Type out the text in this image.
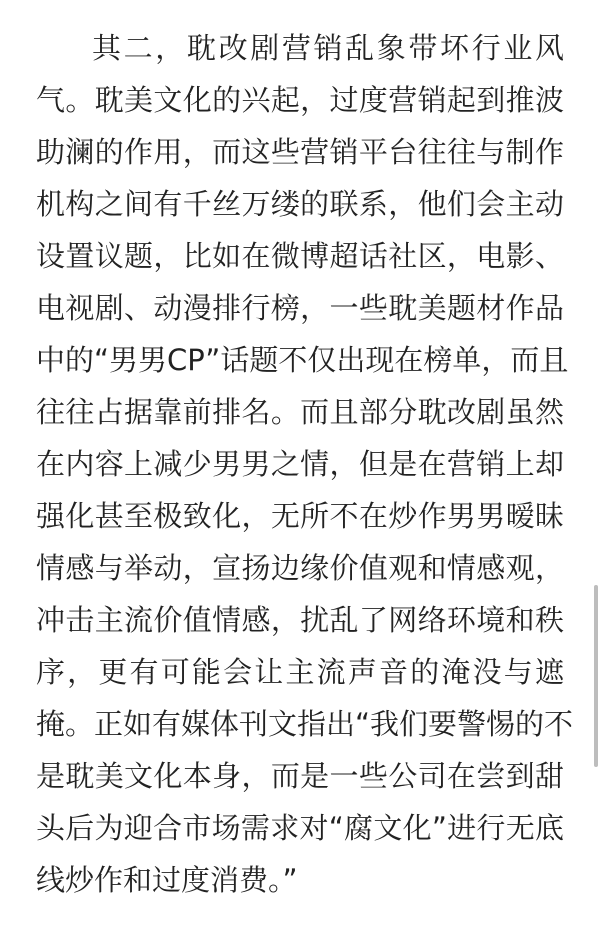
其二，耽改剧营销乱象带坏行业风
气。耽美文化的兴起，过度营销起到推波
助澜的作用，而这些营销平台往往与制作
机构之间有千丝万缕的联系，他们会主动
设置议题，比如在微博超话社区，电影、
电视剧、动漫排行榜，一些耽美题材作品
中的“男男CP”话题不仅出现在榜单，而且
往往占据靠前排名。而且部分耽改剧虽然
在内容上减少男男之情，但是在营销上却
强化甚至极致化，无所不在炒作男男暧昧
情感与举动，宣扬边缘价值观和情感观，
冲击主流价值情感，扰乱了网络环境和秩
序，更有可能会让主流声音的淹没与遮
掩。正如有媒体刊文指出“我们要警惕的不
是耽美文化本身，而是一些公司在尝到甜
头后为迎合市场需求对“腐文化”进行无底
线炒作和过度消费。”
